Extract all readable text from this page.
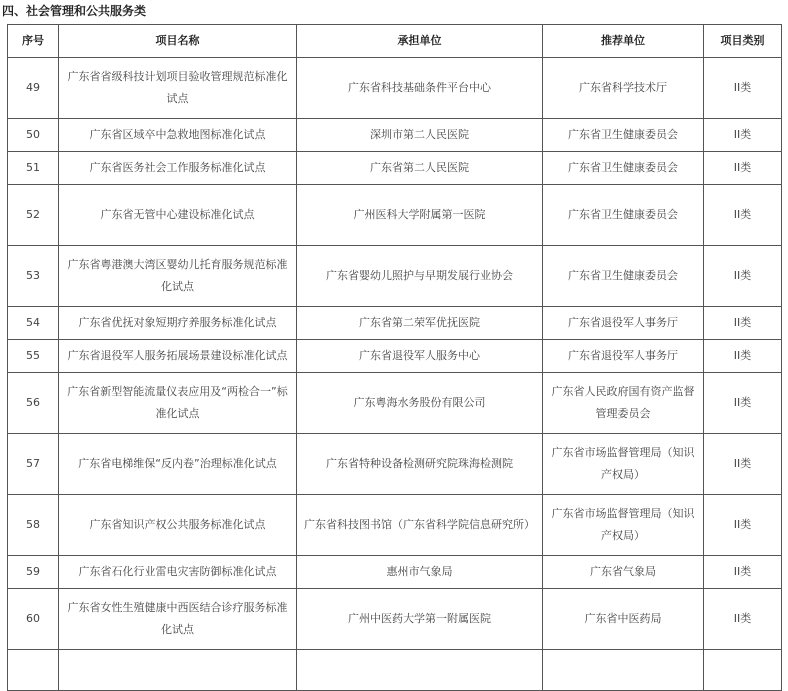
四、社会管理和公共服务类
序号	项目名称	承担单位	推荐单位	项目类别
49	广东省省级科技计划项目验收管理规范标准化试点	广东省科技基础条件平台中心	广东省科学技术厅	II类
50	广东省区域卒中急救地图标准化试点	深圳市第二人民医院	广东省卫生健康委员会	II类
51	广东省医务社会工作服务标准化试点	广东省第二人民医院	广东省卫生健康委员会	II类
52	广东省无管中心建设标准化试点	广州医科大学附属第一医院	广东省卫生健康委员会	II类
53	广东省粤港澳大湾区婴幼儿托育服务规范标准化试点	广东省婴幼儿照护与早期发展行业协会	广东省卫生健康委员会	II类
54	广东省优抚对象短期疗养服务标准化试点	广东省第二荣军优抚医院	广东省退役军人事务厅	II类
55	广东省退役军人服务拓展场景建设标准化试点	广东省退役军人服务中心	广东省退役军人事务厅	II类
56	广东省新型智能流量仪表应用及“两检合一”标准化试点	广东粤海水务股份有限公司	广东省人民政府国有资产监督管理委员会	II类
57	广东省电梯维保“反内卷”治理标准化试点	广东省特种设备检测研究院珠海检测院	广东省市场监督管理局（知识产权局）	II类
58	广东省知识产权公共服务标准化试点	广东省科技图书馆（广东省科学院信息研究所）	广东省市场监督管理局（知识产权局）	II类
59	广东省石化行业雷电灾害防御标准化试点	惠州市气象局	广东省气象局	II类
60	广东省女性生殖健康中西医结合诊疗服务标准化试点	广州中医药大学第一附属医院	广东省中医药局	II类
